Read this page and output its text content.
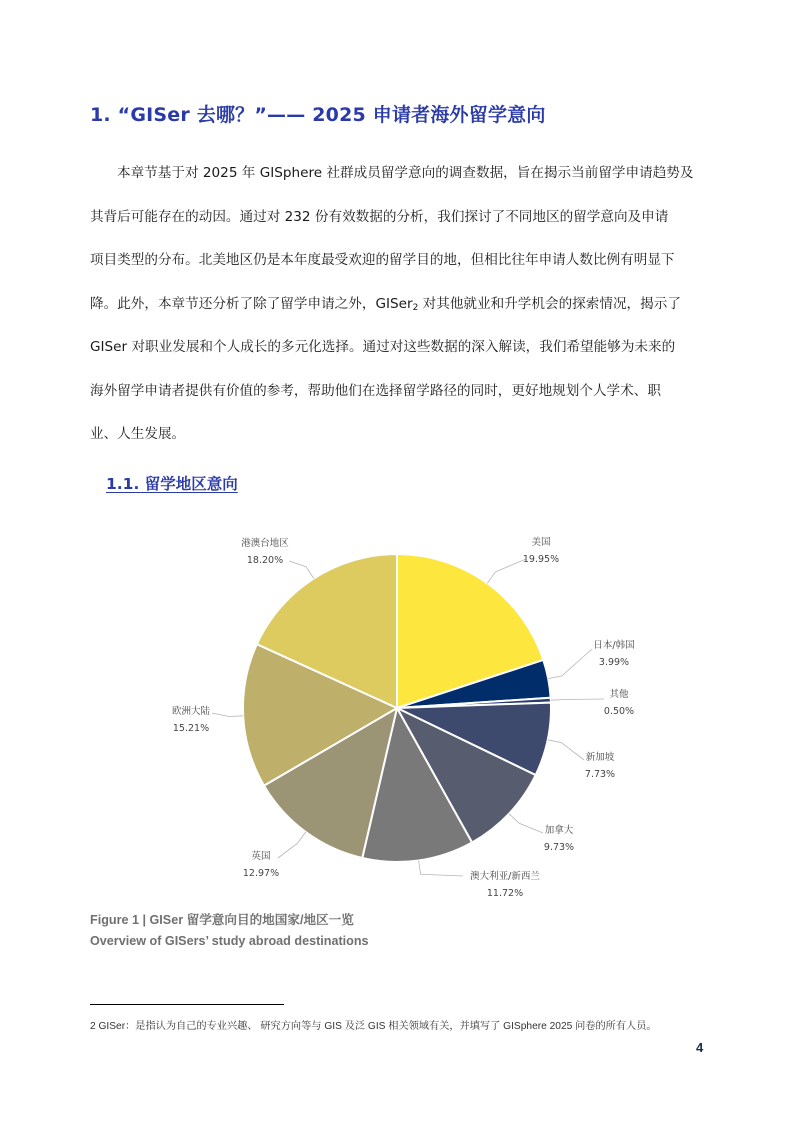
1. “GISer 去哪？”—— 2025 申请者海外留学意向
本章节基于对 2025 年 GISphere 社群成员留学意向的调查数据，旨在揭示当前留学申请趋势及
其背后可能存在的动因。通过对 232 份有效数据的分析，我们探讨了不同地区的留学意向及申请
项目类型的分布。北美地区仍是本年度最受欢迎的留学目的地，但相比往年申请人数比例有明显下
降。此外，本章节还分析了除了留学申请之外，GISer$_2$ 对其他就业和升学机会的探索情况，揭示了
GISer 对职业发展和个人成长的多元化选择。通过对这些数据的深入解读，我们希望能够为未来的
海外留学申请者提供有价值的参考，帮助他们在选择留学路径的同时，更好地规划个人学术、职
业、人生发展。
1.1. 留学地区意向
美国
19.95%
日本/韩国
3.99%
其他
0.50%
新加坡
7.73%
加拿大
9.73%
澳大利亚/新西兰
11.72%
英国
12.97%
欧洲大陆
15.21%
港澳台地区
18.20%
Figure 1 | GISer 留学意向目的地国家/地区一览
Overview of GISers’ study abroad destinations
2 GISer：是指认为自己的专业兴趣、 研究方向等与 GIS 及泛 GIS 相关领域有关，并填写了 GISphere 2025 问卷的所有人员。
4
